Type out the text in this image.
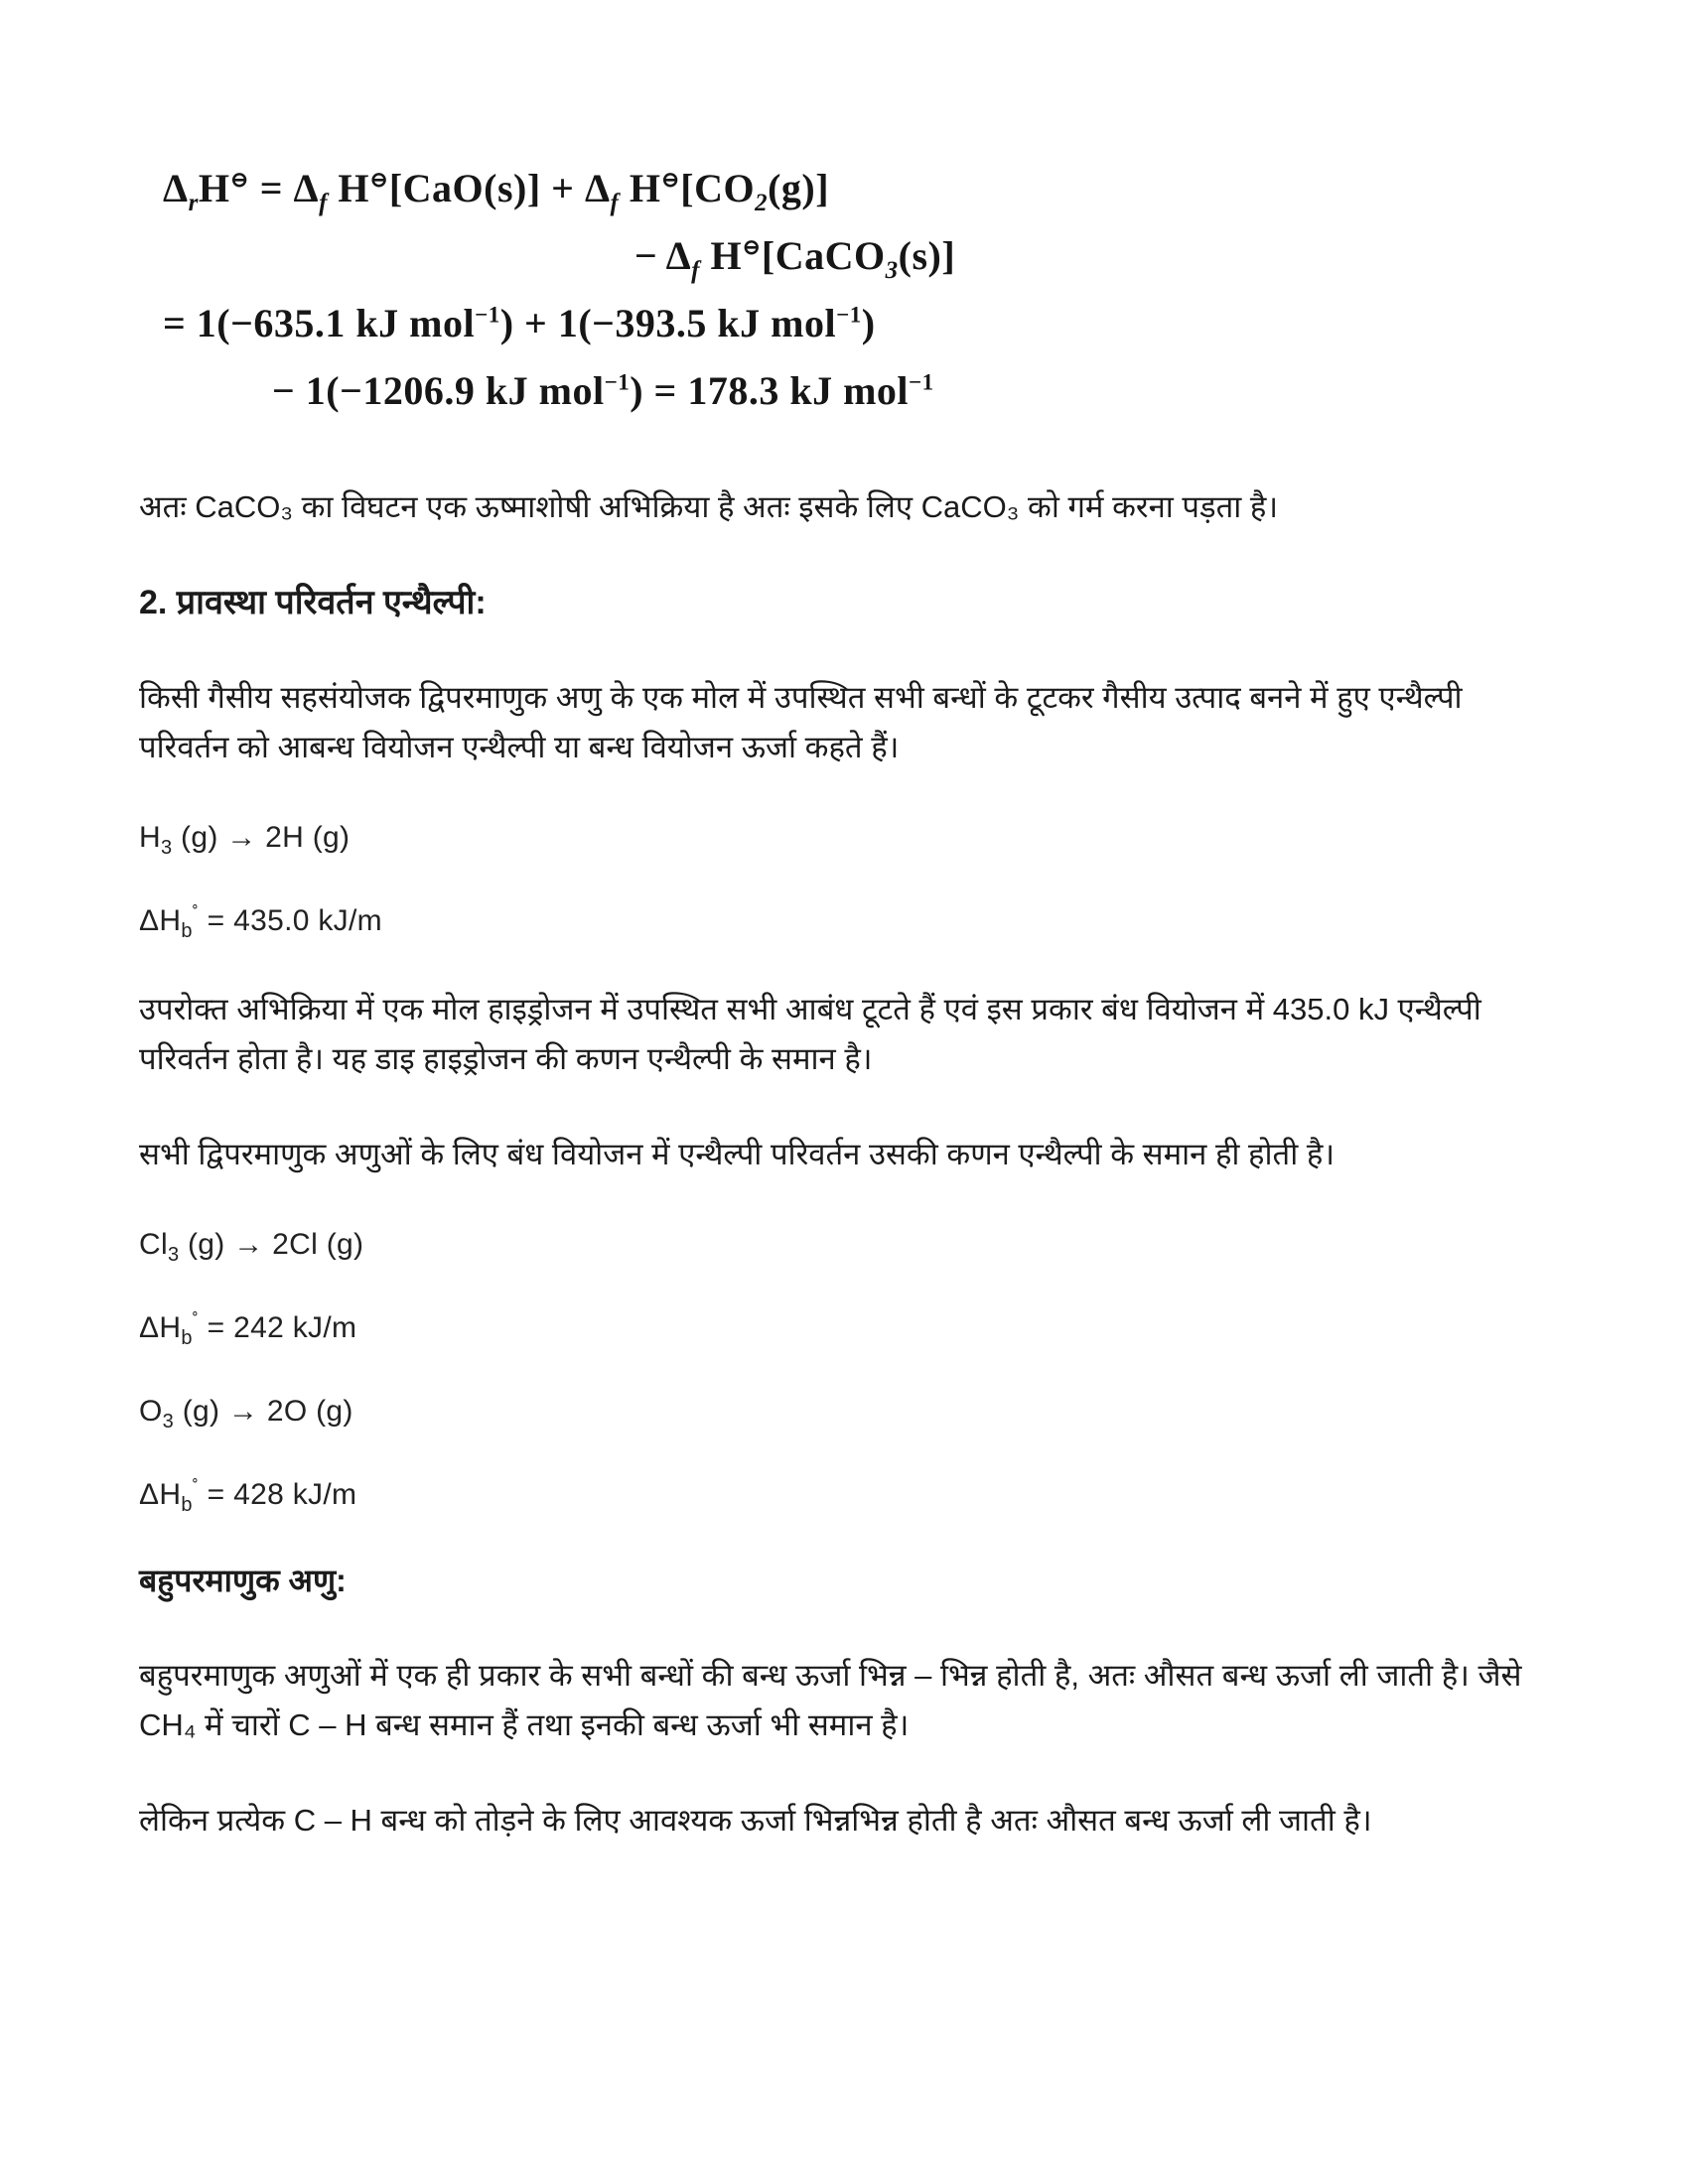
$\Delta_rH^⊖ = \Delta_f$ $H^⊖[CaO(s)] + \Delta_f$ $H^⊖[CO_2(g)]$
− $\Delta_f$ H⊖[CaCO$_3$(s)]
= 1(−635.1 kJ mol$^{-1}$) + 1(−393.5 kJ mol$^{-1}$)
− 1(−1206.9 kJ mol$^{-1}$) = 178.3 kJ mol$^{-1}$

अतः CaCO₃ का विघटन एक ऊष्माशोषी अभिक्रिया है अतः इसके लिए CaCO₃ को गर्म करना पड़ता है।

2. प्रावस्था परिवर्तन एन्थैल्पी:

किसी गैसीय सहसंयोजक द्विपरमाणुक अणु के एक मोल में उपस्थित सभी बन्धों के टूटकर गैसीय उत्पाद बनने में हुए एन्थैल्पी परिवर्तन को आबन्ध वियोजन एन्थैल्पी या बन्ध वियोजन ऊर्जा कहते हैं।

$H_3$ (g) → 2H (g)
$\Delta H_b^˚ = 435.0$ kJ/m

उपरोक्त अभिक्रिया में एक मोल हाइड्रोजन में उपस्थित सभी आबंध टूटते हैं एवं इस प्रकार बंध वियोजन में 435.0 kJ एन्थैल्पी परिवर्तन होता है। यह डाइ हाइड्रोजन की कणन एन्थैल्पी के समान है।

सभी द्विपरमाणुक अणुओं के लिए बंध वियोजन में एन्थैल्पी परिवर्तन उसकी कणन एन्थैल्पी के समान ही होती है।

$Cl_3$ (g) → 2Cl (g)
$\Delta H_b^˚ = 242$ kJ/m
$O_3$ (g) → 2O (g)
$\Delta H_b^˚ = 428$ kJ/m
बहुपरमाणुक अणु:

बहुपरमाणुक अणुओं में एक ही प्रकार के सभी बन्धों की बन्ध ऊर्जा भिन्न – भिन्न होती है, अतः औसत बन्ध ऊर्जा ली जाती है। जैसे CH₄ में चारों C – H बन्ध समान हैं तथा इनकी बन्ध ऊर्जा भी समान है।

लेकिन प्रत्येक C – H बन्ध को तोड़ने के लिए आवश्यक ऊर्जा भिन्नभिन्न होती है अतः औसत बन्ध ऊर्जा ली जाती है।
